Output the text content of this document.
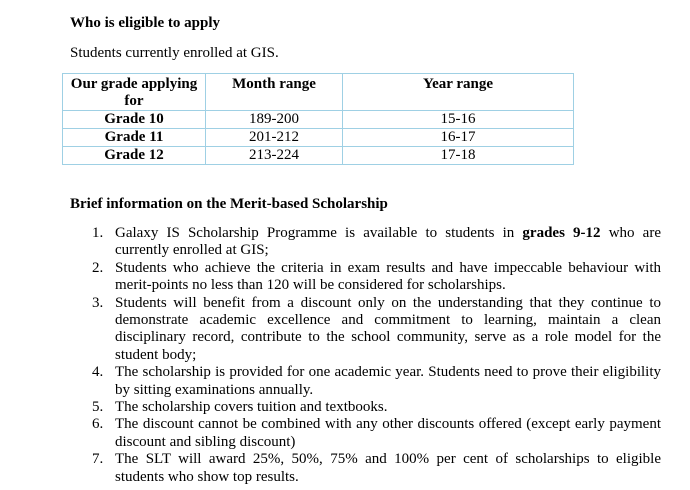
Who is eligible to apply
Students currently enrolled at GIS.
Our grade applying for	Month range	Year range
Grade 10	189-200	15-16
Grade 11	201-212	16-17
Grade 12	213-224	17-18
Brief information on the Merit-based Scholarship
1. Galaxy IS Scholarship Programme is available to students in grades 9-12 who are currently enrolled at GIS;
2. Students who achieve the criteria in exam results and have impeccable behaviour with merit-points no less than 120 will be considered for scholarships.
3. Students will benefit from a discount only on the understanding that they continue to demonstrate academic excellence and commitment to learning, maintain a clean disciplinary record, contribute to the school community, serve as a role model for the student body;
4. The scholarship is provided for one academic year. Students need to prove their eligibility by sitting examinations annually.
5. The scholarship covers tuition and textbooks.
6. The discount cannot be combined with any other discounts offered (except early payment discount and sibling discount)
7. The SLT will award 25%, 50%, 75% and 100% per cent of scholarships to eligible students who show top results.
